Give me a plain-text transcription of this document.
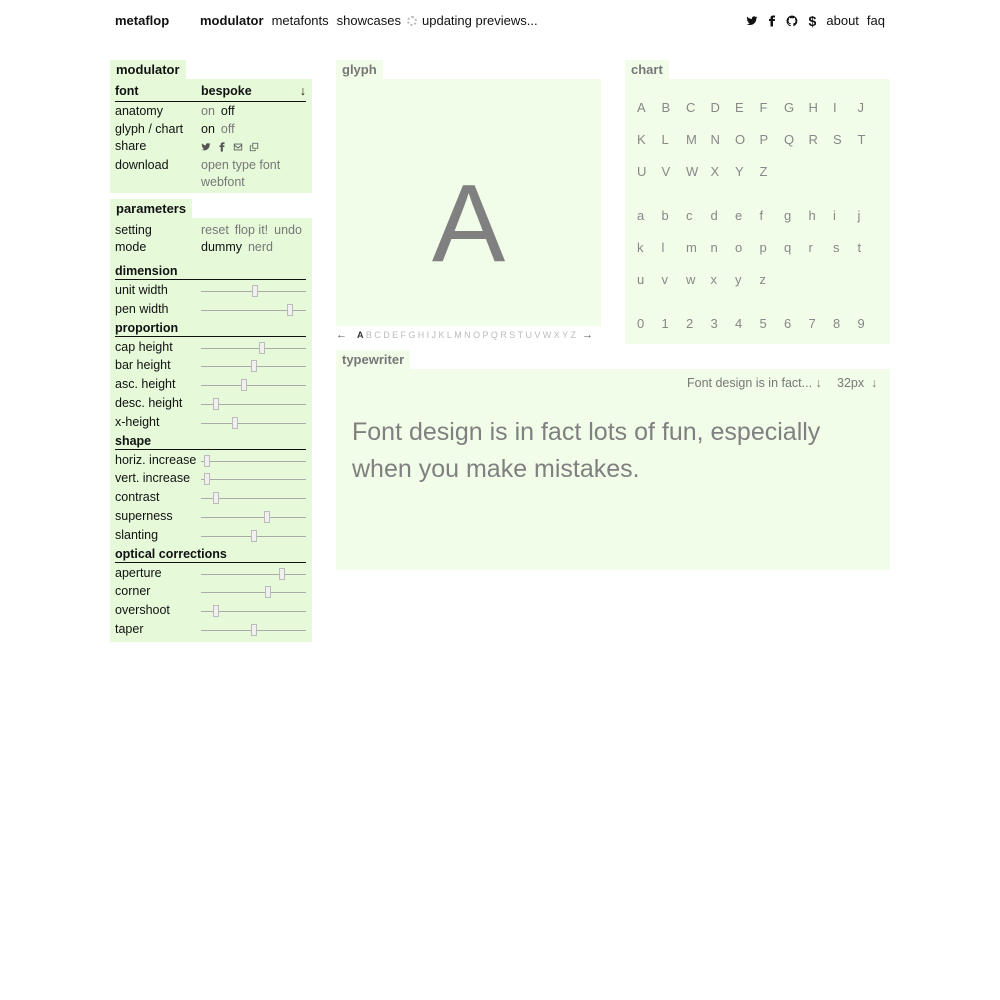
metaflop modulator metafonts showcases updating previews...	$ about faq
modulator
font	bespoke	↓
anatomy	on off
glyph / chart on off
share
download	open type font
webfont
parameters
setting	reset flop it! undo
mode	dummy nerd
dimension
unit width
pen width
proportion
cap height
bar height
asc. height
desc. height
x-height
shape
horiz. increase
vert. increase
contrast
superness
slanting
optical corrections
aperture
corner
overshoot
taper
glyph
A
← A B C D E F G H I J K L M N O P Q R S T U V W X Y Z →
chart
A	B	C	D	E	F	G	H	I	J
K	L	M	N	O	P	Q	R	S	T
U	V	W X	Y	Z
a	b	c	d	e	f	g	h	i	j
k	l	m	n	o	p	q	r	s	t
u	v	w	x	y	z
0	1	2	3	4	5	6	7	8	9
typewriter
Font design is in fact... ↓ 32px  ↓
Font design is in fact lots of fun, especially when you make mistakes.
